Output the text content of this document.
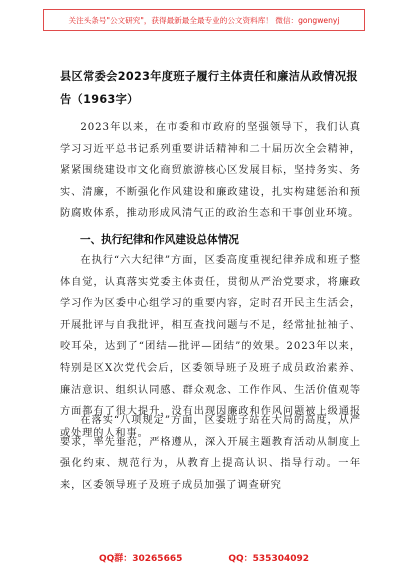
关注头条号"公文研究"，获得最新最全最专业的公文资料库！ 微信：gongwenyj
县区常委会2023年度班子履行主体责任和廉洁从政情况报
告（1963字）

2023年以来，在市委和市政府的坚强领导下，我们认真学习习近平总书记系列重要讲话精神和二十届历次全会精神，紧紧围绕建设市文化商贸旅游核心区发展目标，坚持务实、务实、清廉，不断强化作风建设和廉政建设，扎实构建惩治和预防腐败体系，推动形成风清气正的政治生态和干事创业环境。

一、执行纪律和作风建设总体情况

在执行“六大纪律”方面，区委高度重视纪律养成和班子整体自觉，认真落实党委主体责任，贯彻从严治党要求，将廉政学习作为区委中心组学习的重要内容，定时召开民主生活会，开展批评与自我批评，相互查找问题与不足，经常扯扯袖子、咬耳朵，达到了“团结—批评—团结”的效果。2023年以来，特别是区X次党代会后，区委领导班子及班子成员政治素养、廉洁意识、组织认同感、群众观念、工作作风、生活价值观等方面都有了很大提升，没有出现因廉政和作风问题被上级通报或处理的人和事。

在落实“八项规定”方面，区委班子站在大局的高度，从严要求，率先垂范，严格遵从，深入开展主题教育活动从制度上强化约束、规范行为，从教育上提高认识、指导行动。一年来，区委领导班子及班子成员加强了调查研究

QQ群：30265665	QQ：535304092
